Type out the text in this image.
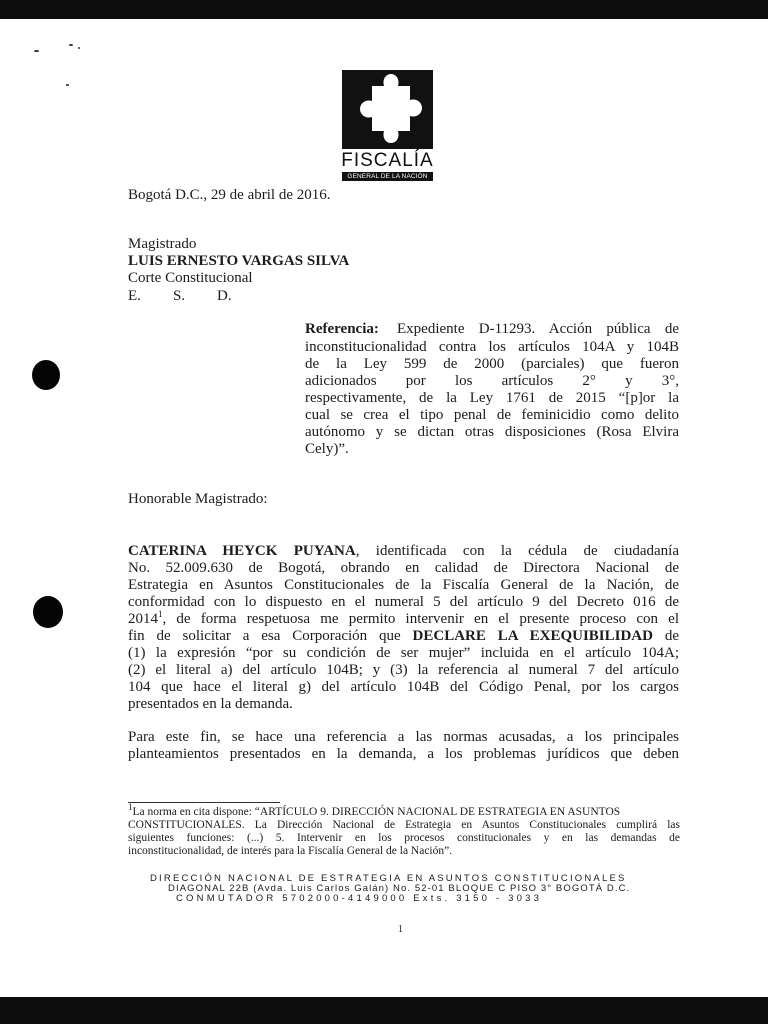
FISCALÍA
GENERAL DE LA NACIÓN
Bogotá D.C., 29 de abril de 2016.
Magistrado
LUIS ERNESTO VARGAS SILVA
Corte Constitucional
E. S. D.
Referencia: Expediente D-11293. Acción pública de
inconstitucionalidad contra los artículos 104A y 104B
de la Ley 599 de 2000 (parciales) que fueron
adicionados por los artículos 2° y 3°,
respectivamente, de la Ley 1761 de 2015 “[p]or la
cual se crea el tipo penal de feminicidio como delito
autónomo y se dictan otras disposiciones (Rosa Elvira
Cely)”.
Honorable Magistrado:
CATERINA HEYCK PUYANA, identificada con la cédula de ciudadanía
No. 52.009.630 de Bogotá, obrando en calidad de Directora Nacional de
Estrategia en Asuntos Constitucionales de la Fiscalía General de la Nación, de
conformidad con lo dispuesto en el numeral 5 del artículo 9 del Decreto 016 de
2014$^1$, de forma respetuosa me permito intervenir en el presente proceso con el
fin de solicitar a esa Corporación que DECLARE LA EXEQUIBILIDAD de
(1) la expresión “por su condición de ser mujer” incluida en el artículo 104A;
(2) el literal a) del artículo 104B; y (3) la referencia al numeral 7 del artículo
104 que hace el literal g) del artículo 104B del Código Penal, por los cargos
presentados en la demanda.
Para este fin, se hace una referencia a las normas acusadas, a los principales
planteamientos presentados en la demanda, a los problemas jurídicos que deben
$^1$La norma en cita dispone: “ARTÍCULO 9. DIRECCIÓN NACIONAL DE ESTRATEGIA EN ASUNTOS
CONSTITUCIONALES. La Dirección Nacional de Estrategia en Asuntos Constitucionales cumplirá las
siguientes funciones: (...) 5. Intervenir en los procesos constitucionales y en las demandas de
inconstitucionalidad, de interés para la Fiscalía General de la Nación”.
DIRECCIÓN NACIONAL DE ESTRATEGIA EN ASUNTOS CONSTITUCIONALES
DIAGONAL 22B (Avda. Luis Carlos Galán) No. 52-01 BLOQUE C PISO 3° BOGOTÁ D.C.
CONMUTADOR 5702000-4149000 Exts. 3150 - 3033
1
